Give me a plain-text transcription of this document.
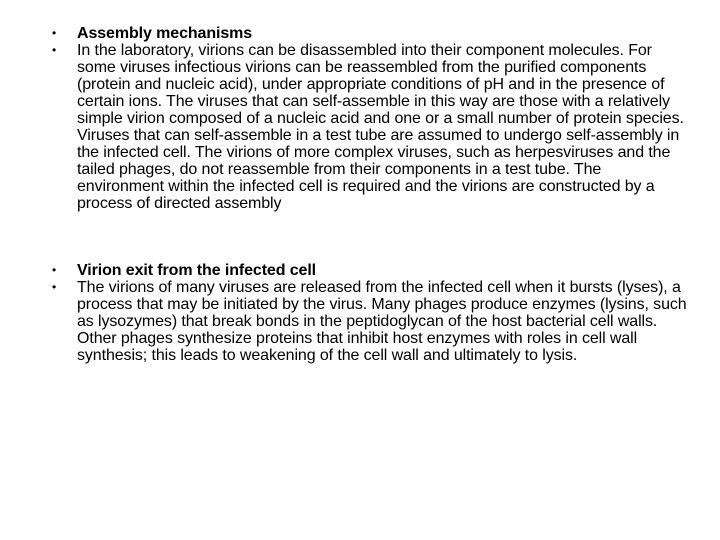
•	Assembly mechanisms
•	In the laboratory, virions can be disassembled into their component molecules. For some viruses infectious virions can be reassembled from the purified components (protein and nucleic acid), under appropriate conditions of pH and in the presence of certain ions. The viruses that can self-assemble in this way are those with a relatively simple virion composed of a nucleic acid and one or a small number of protein species. Viruses that can self-assemble in a test tube are assumed to undergo self-assembly in the infected cell. The virions of more complex viruses, such as herpesviruses and the tailed phages, do not reassemble from their components in a test tube. The environment within the infected cell is required and the virions are constructed by a process of directed assembly
•	Virion exit from the infected cell
•	The virions of many viruses are released from the infected cell when it bursts (lyses), a process that may be initiated by the virus. Many phages produce enzymes (lysins, such as lysozymes) that break bonds in the peptidoglycan of the host bacterial cell walls. Other phages synthesize proteins that inhibit host enzymes with roles in cell wall synthesis; this leads to weakening of the cell wall and ultimately to lysis.
